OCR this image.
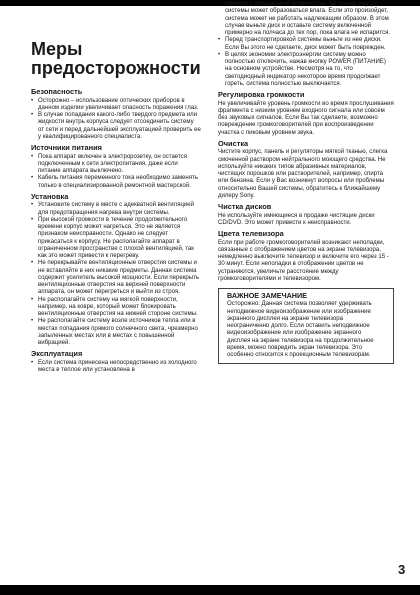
Меры предосторожности
Безопасность
• Осторожно – использование оптических приборов в данном изделии увеличивает опасность поражения глаз.
• В случае попадания какого-либо твердого предмета или жидкости внутрь корпуса следует отсоединить систему от сети и перед дальнейшей эксплуатацией проверить ее у квалифицированного специалиста.
Источники питания
• Пока аппарат включен в электророзетку, он остается подключенным к сети электропитания, даже если питание аппарата выключено.
• Кабель питания переменного тока необходимо заменять только в специализированной ремонтной мастерской.
Установка
• Установите систему в месте с адекватной вентиляцией для предотвращения нагрева внутри системы.
• При высокой громкости в течение продолжительного времени корпус может нагреться. Это не является признаком неисправности. Однако не следует прикасаться к корпусу. Не располагайте аппарат в ограниченном пространстве с плохой вентиляцией, так как это может привести к перегреву.
• Не перекрывайте вентиляционные отверстия системы и не вставляйте в них никакие предметы. Данная система содержит усилитель высокой мощности. Если перекрыть вентиляционные отверстия на верхней поверхности аппарата, он может перегреться и выйти из строя.
• Не располагайте систему на мягкой поверхности, например, на ковре, который может блокировать вентиляционные отверстия на нижней стороне системы.
• Не располагайте систему возле источников тепла или в местах попадания прямого солнечного света, чрезмерно запыленных местах или в местах с повышенной вибрацией.
Эксплуатация
• Если система принесена непосредственно из холодного места в теплое или установлена в

комнате с повышенной влажностью, на линзах внутри системы может образоваться влага. Если это произойдет, система может не работать надлежащим образом. В этом случае выньте диск и оставьте систему включенной примерно на полчаса до тех пор, пока влага не испарится.

• Перед транспортировкой системы выньте из нее диски. Если Вы этого не сделаете, диск может быть поврежден.
• В целях экономии электроэнергии систему можно полностью отключить, нажав кнопку POWER (ПИТАНИЕ) на основном устройстве. Несмотря на то, что светодиодный индикатор некоторое время продолжает гореть, система полностью выключается.
Регулировка громкости

Не увеличивайте уровень громкости во время прослушивания фрагмента с низким уровнем входного сигнала или совсем без звуковых сигналов. Если Вы так сделаете, возможно повреждение громкоговорителей при воспроизведении участка с пиковым уровнем звука.

Очистка

Чистите корпус, панель и регуляторы мягкой тканью, слегка смоченной раствором нейтрального моющего средства. Не используйте никаких типов абразивных материалов, чистящих порошков или растворителей, например, спирта или бензина. Если у Вас возникнут вопросы или проблемы относительно Вашей системы, обратитесь к ближайшему дилеру Sony.

Чистка дисков

Не используйте имеющиеся в продаже чистящие диски CD/DVD. Это может привести к неисправности.

Цвета телевизора

Если при работе громкоговорителей возникают неполадки, связанные с отображением цветов на экране телевизора, немедленно выключите телевизор и включите его через 15 - 30 минут. Если неполадки в отображении цветов не устраняются, увеличьте расстояние между громкоговорителями и телевизором.

ВАЖНОЕ ЗАМЕЧАНИЕ

Осторожно: Данная система позволяет удерживать неподвижное видеоизображение или изображение экранного дисплея на экране телевизора неограниченно долго. Если оставить неподвижное видеоизображение или изображение экранного дисплея на экране телевизора на продолжительное время, можно повредить экран телевизора. Это особенно относится к проекционным телевизорам.

3
